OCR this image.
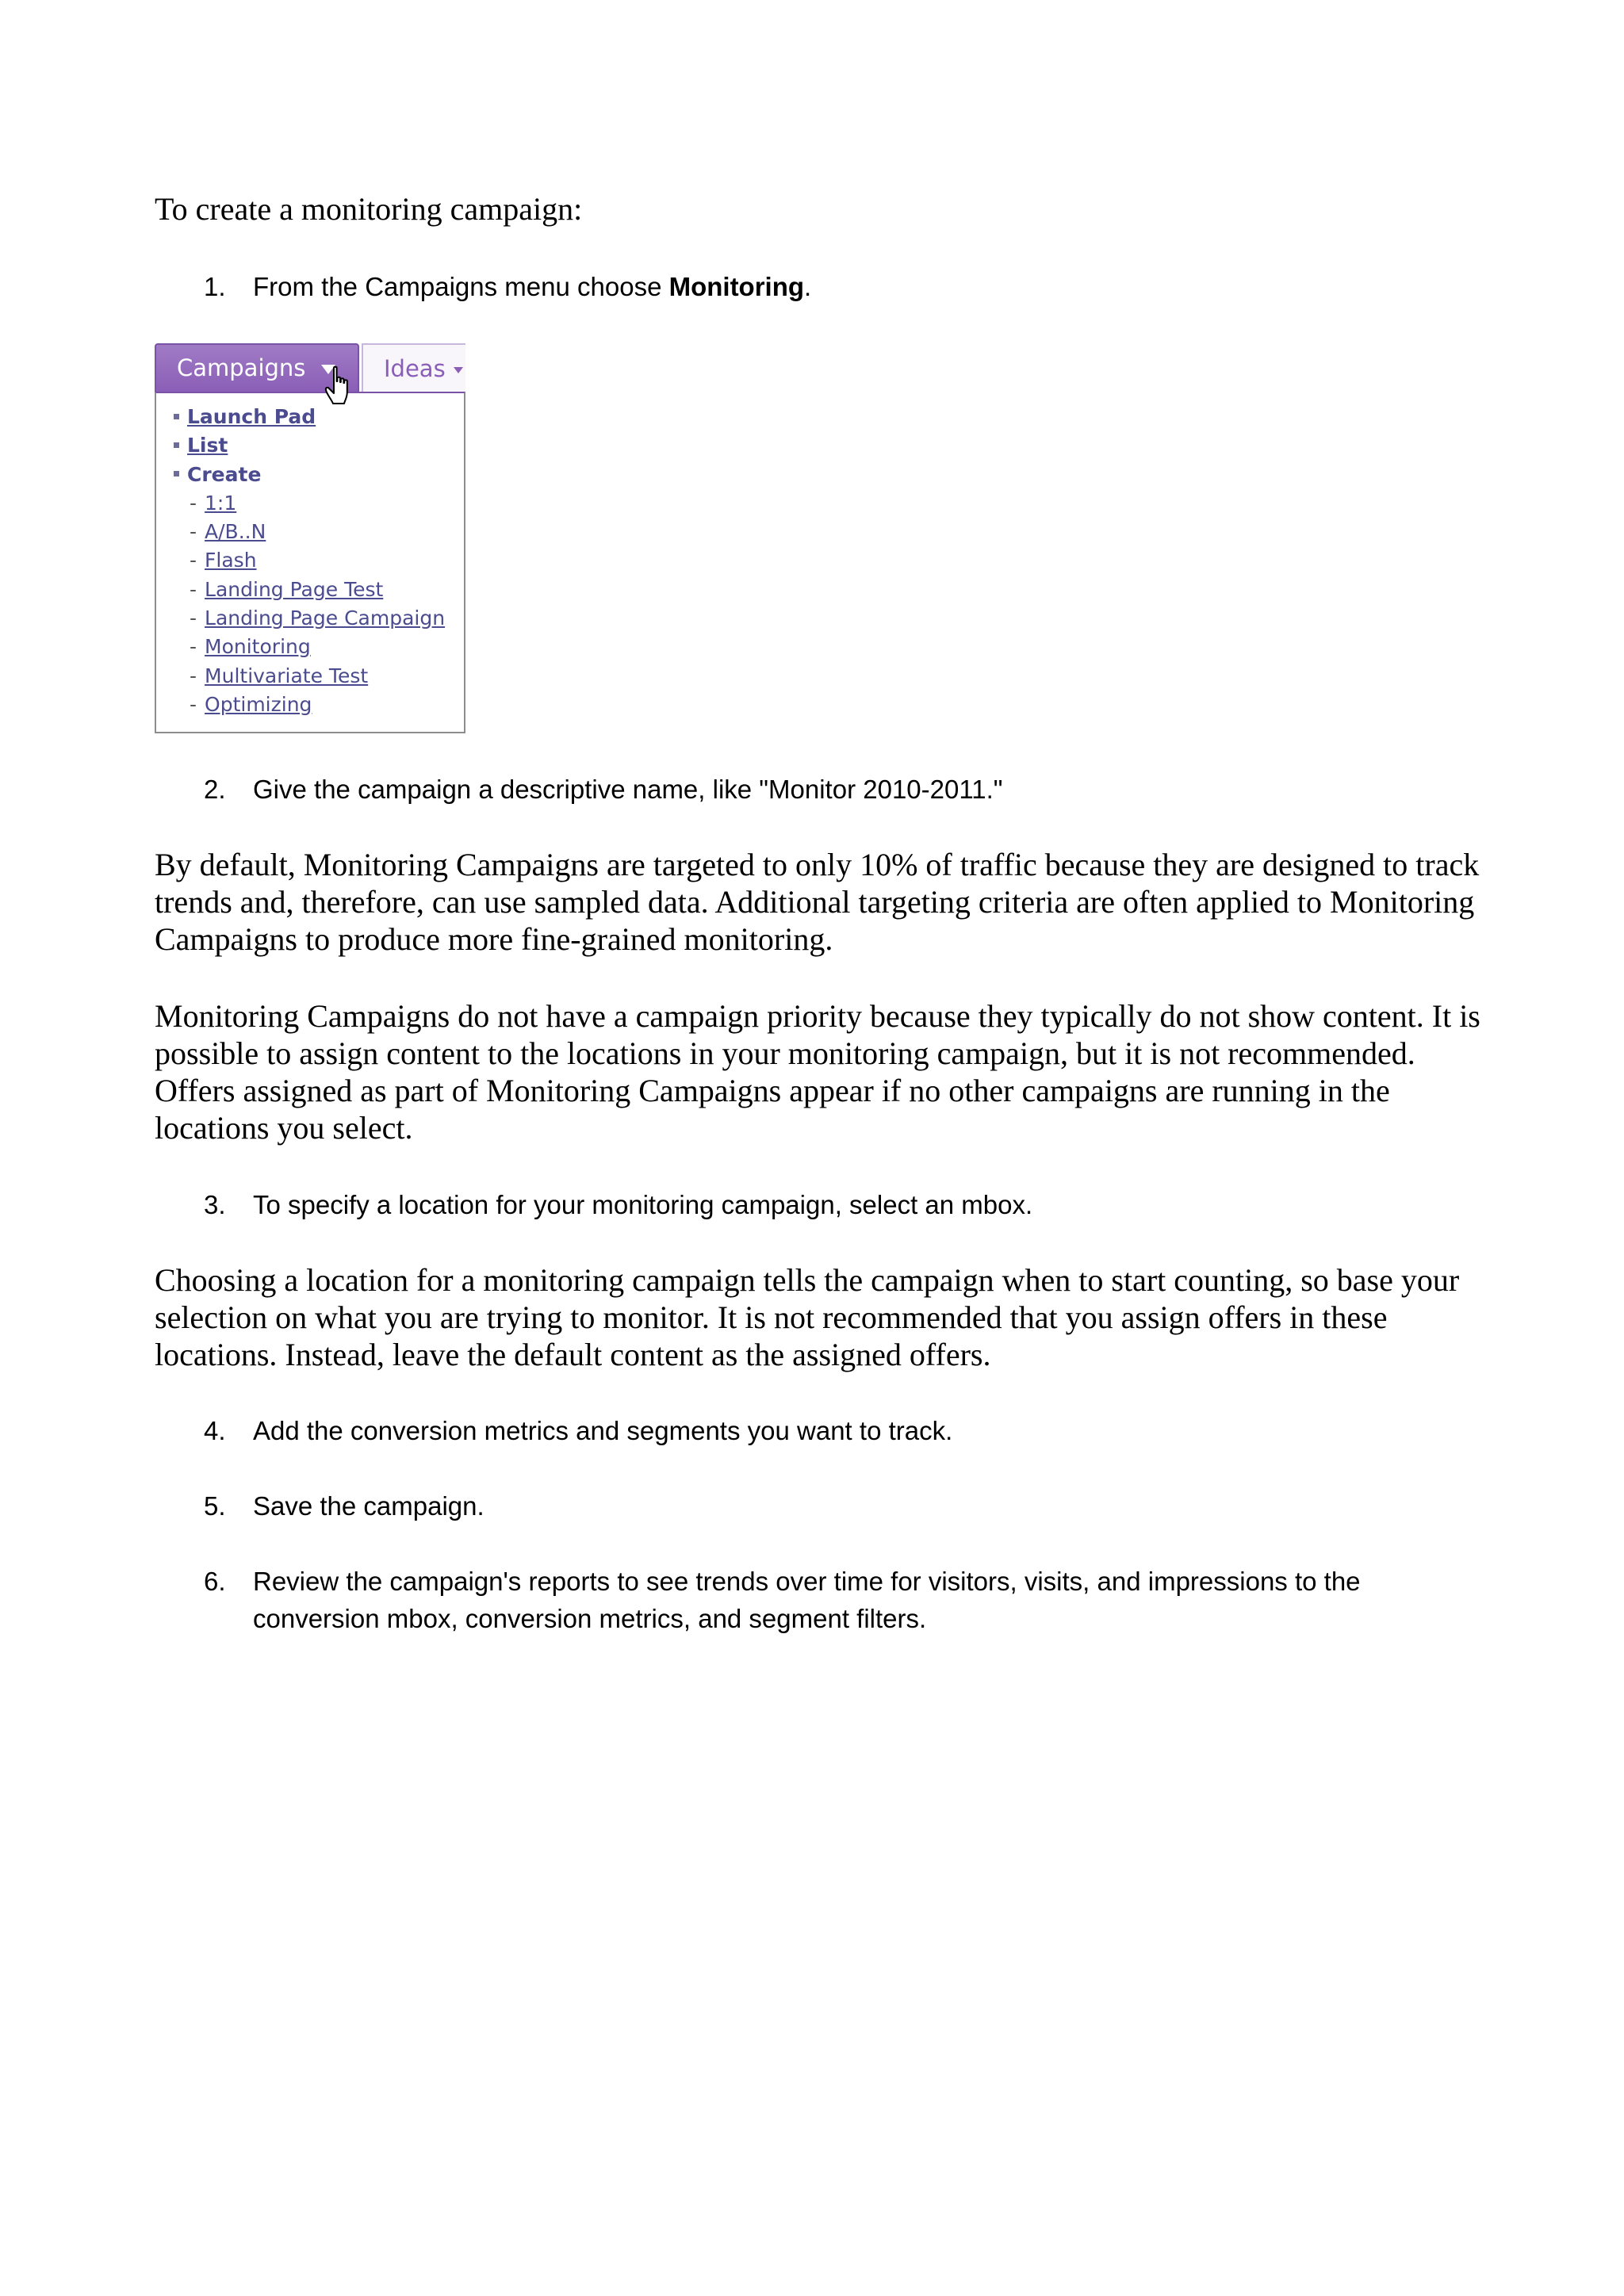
To create a monitoring campaign:

1.	From the Campaigns menu choose Monitoring.
Campaigns	Ideas
Launch Pad
List
Create
- 1:1
- A/B..N
- Flash
- Landing Page Test
- Landing Page Campaign
- Monitoring
- Multivariate Test
- Optimizing
2.	Give the campaign a descriptive name, like "Monitor 2010-2011."

By default, Monitoring Campaigns are targeted to only 10% of traffic because they are designed to track trends and, therefore, can use sampled data. Additional targeting criteria are often applied to Monitoring Campaigns to produce more fine-grained monitoring.

Monitoring Campaigns do not have a campaign priority because they typically do not show content. It is possible to assign content to the locations in your monitoring campaign, but it is not recommended. Offers assigned as part of Monitoring Campaigns appear if no other campaigns are running in the locations you select.

3.	To specify a location for your monitoring campaign, select an mbox.

Choosing a location for a monitoring campaign tells the campaign when to start counting, so base your selection on what you are trying to monitor. It is not recommended that you assign offers in these locations. Instead, leave the default content as the assigned offers.

4.	Add the conversion metrics and segments you want to track.
5.	Save the campaign.
6.	Review the campaign's reports to see trends over time for visitors, visits, and impressions to the conversion mbox, conversion metrics, and segment filters.
